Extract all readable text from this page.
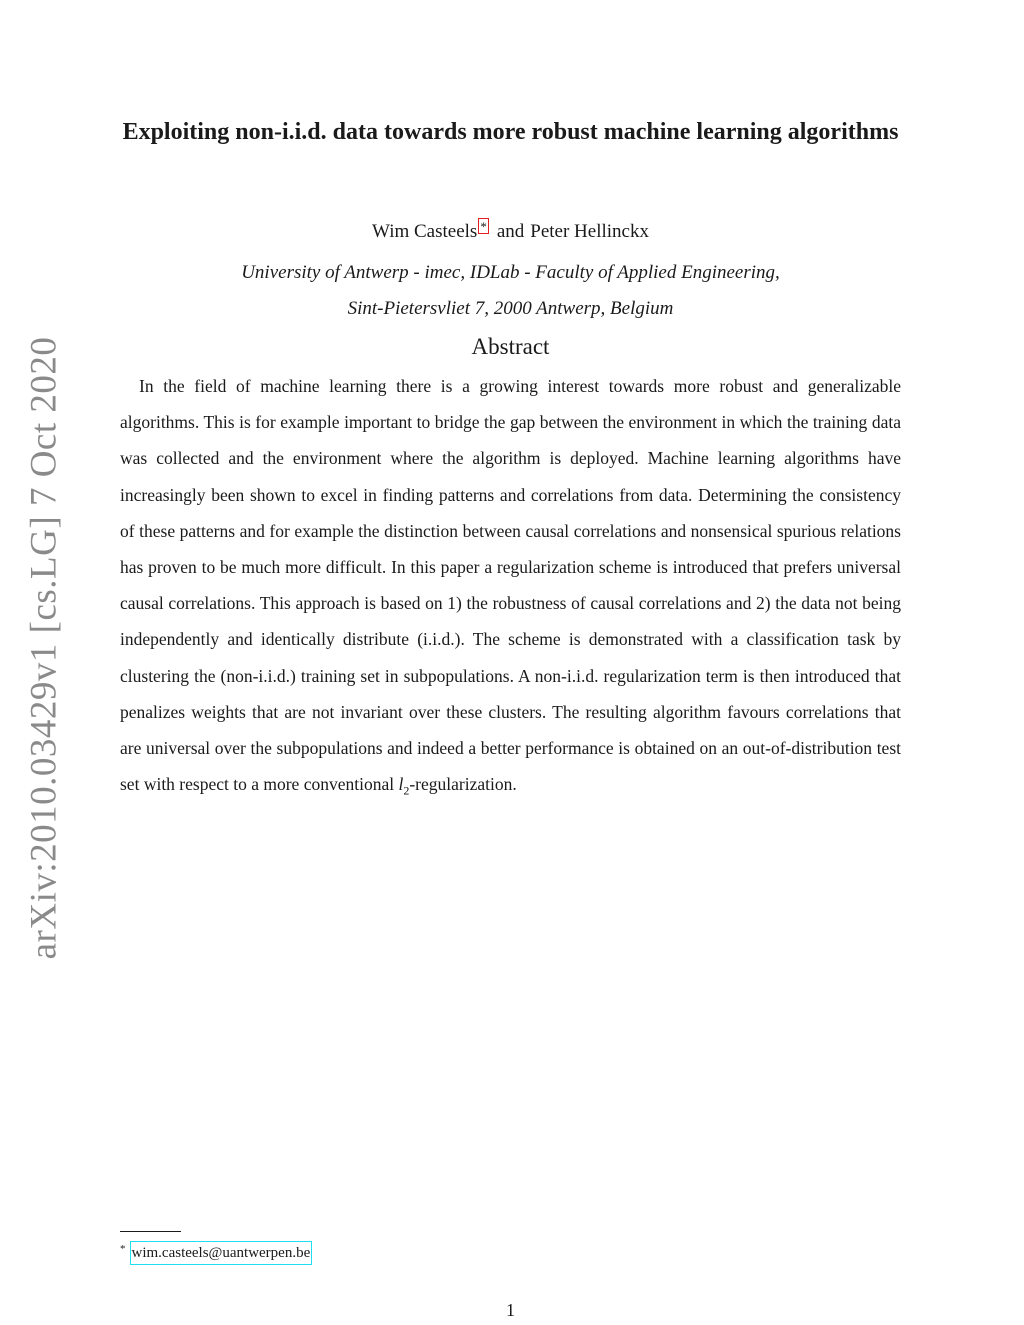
arXiv:2010.03429v1 [cs.LG] 7 Oct 2020
Exploiting non-i.i.d. data towards more robust machine learning algorithms
Wim Casteels * and Peter Hellinckx
University of Antwerp - imec, IDLab - Faculty of Applied Engineering,
Sint-Pietersvliet 7, 2000 Antwerp, Belgium
Abstract

In the field of machine learning there is a growing interest towards more robust and generalizable algorithms. This is for example important to bridge the gap between the environment in which the training data was collected and the environment where the algorithm is deployed. Machine learning algorithms have increasingly been shown to excel in finding patterns and correlations from data. Determining the consistency of these patterns and for example the distinction between causal correlations and nonsensical spurious relations has proven to be much more difficult. In this paper a regularization scheme is introduced that prefers universal causal correlations. This approach is based on 1) the robustness of causal correlations and 2) the data not being independently and identically distribute (i.i.d.). The scheme is demonstrated with a classification task by clustering the (non-i.i.d.) training set in subpopulations. A non-i.i.d. regularization term is then introduced that penalizes weights that are not invariant over these clusters. The resulting algorithm favours correlations that are universal over the subpopulations and indeed a better performance is obtained on an out-of-distribution test set with respect to a more conventional $l_2$-regularization.

* wim.casteels@uantwerpen.be
1
